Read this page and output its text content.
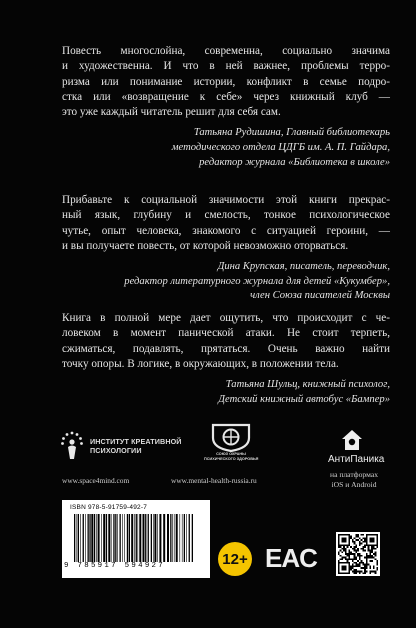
Повесть многослойна, современна, социально значима
и художественна. И что в ней важнее, проблемы терро-
ризма или понимание истории, конфликт в семье подро-
стка или «возвращение к себе» через книжный клуб —
это уже каждый читатель решит для себя сам.

Татьяна Рудишина, Главный библиотекарь
методического отдела ЦДГБ им. А. П. Гайдара,
редактор журнала «Библиотека в школе»

Прибавьте к социальной значимости этой книги прекрас-
ный язык, глубину и смелость, тонкое психологическое
чутье, опыт человека, знакомого с ситуацией героини, —
и вы получаете повесть, от которой невозможно оторваться.

Дина Крупская, писатель, переводчик,
редактор литературного журнала для детей «Кукумбер»,
член Союза писателей Москвы

Книга в полной мере дает ощутить, что происходит с че-
ловеком в момент панической атаки. Не стоит терпеть,
сжиматься, подавлять, прятаться. Очень важно найти
точку опоры. В логике, в окружающих, в положении тела.

Татьяна Шульц, книжный психолог,
Детский книжный автобус «Бампер»
ИНСТИТУТ КРЕАТИВНОЙ
ПСИХОЛОГИИ
www.space4mind.com
СОЮЗ ОХРАНЫ
ПСИХИЧЕСКОГО ЗДОРОВЬЯ
www.mental-health-russia.ru
АнтиПаника
на платформах
iOS и Android
ISBN 978-5-91759-492-7
9 785917 594927	12+ EAC
